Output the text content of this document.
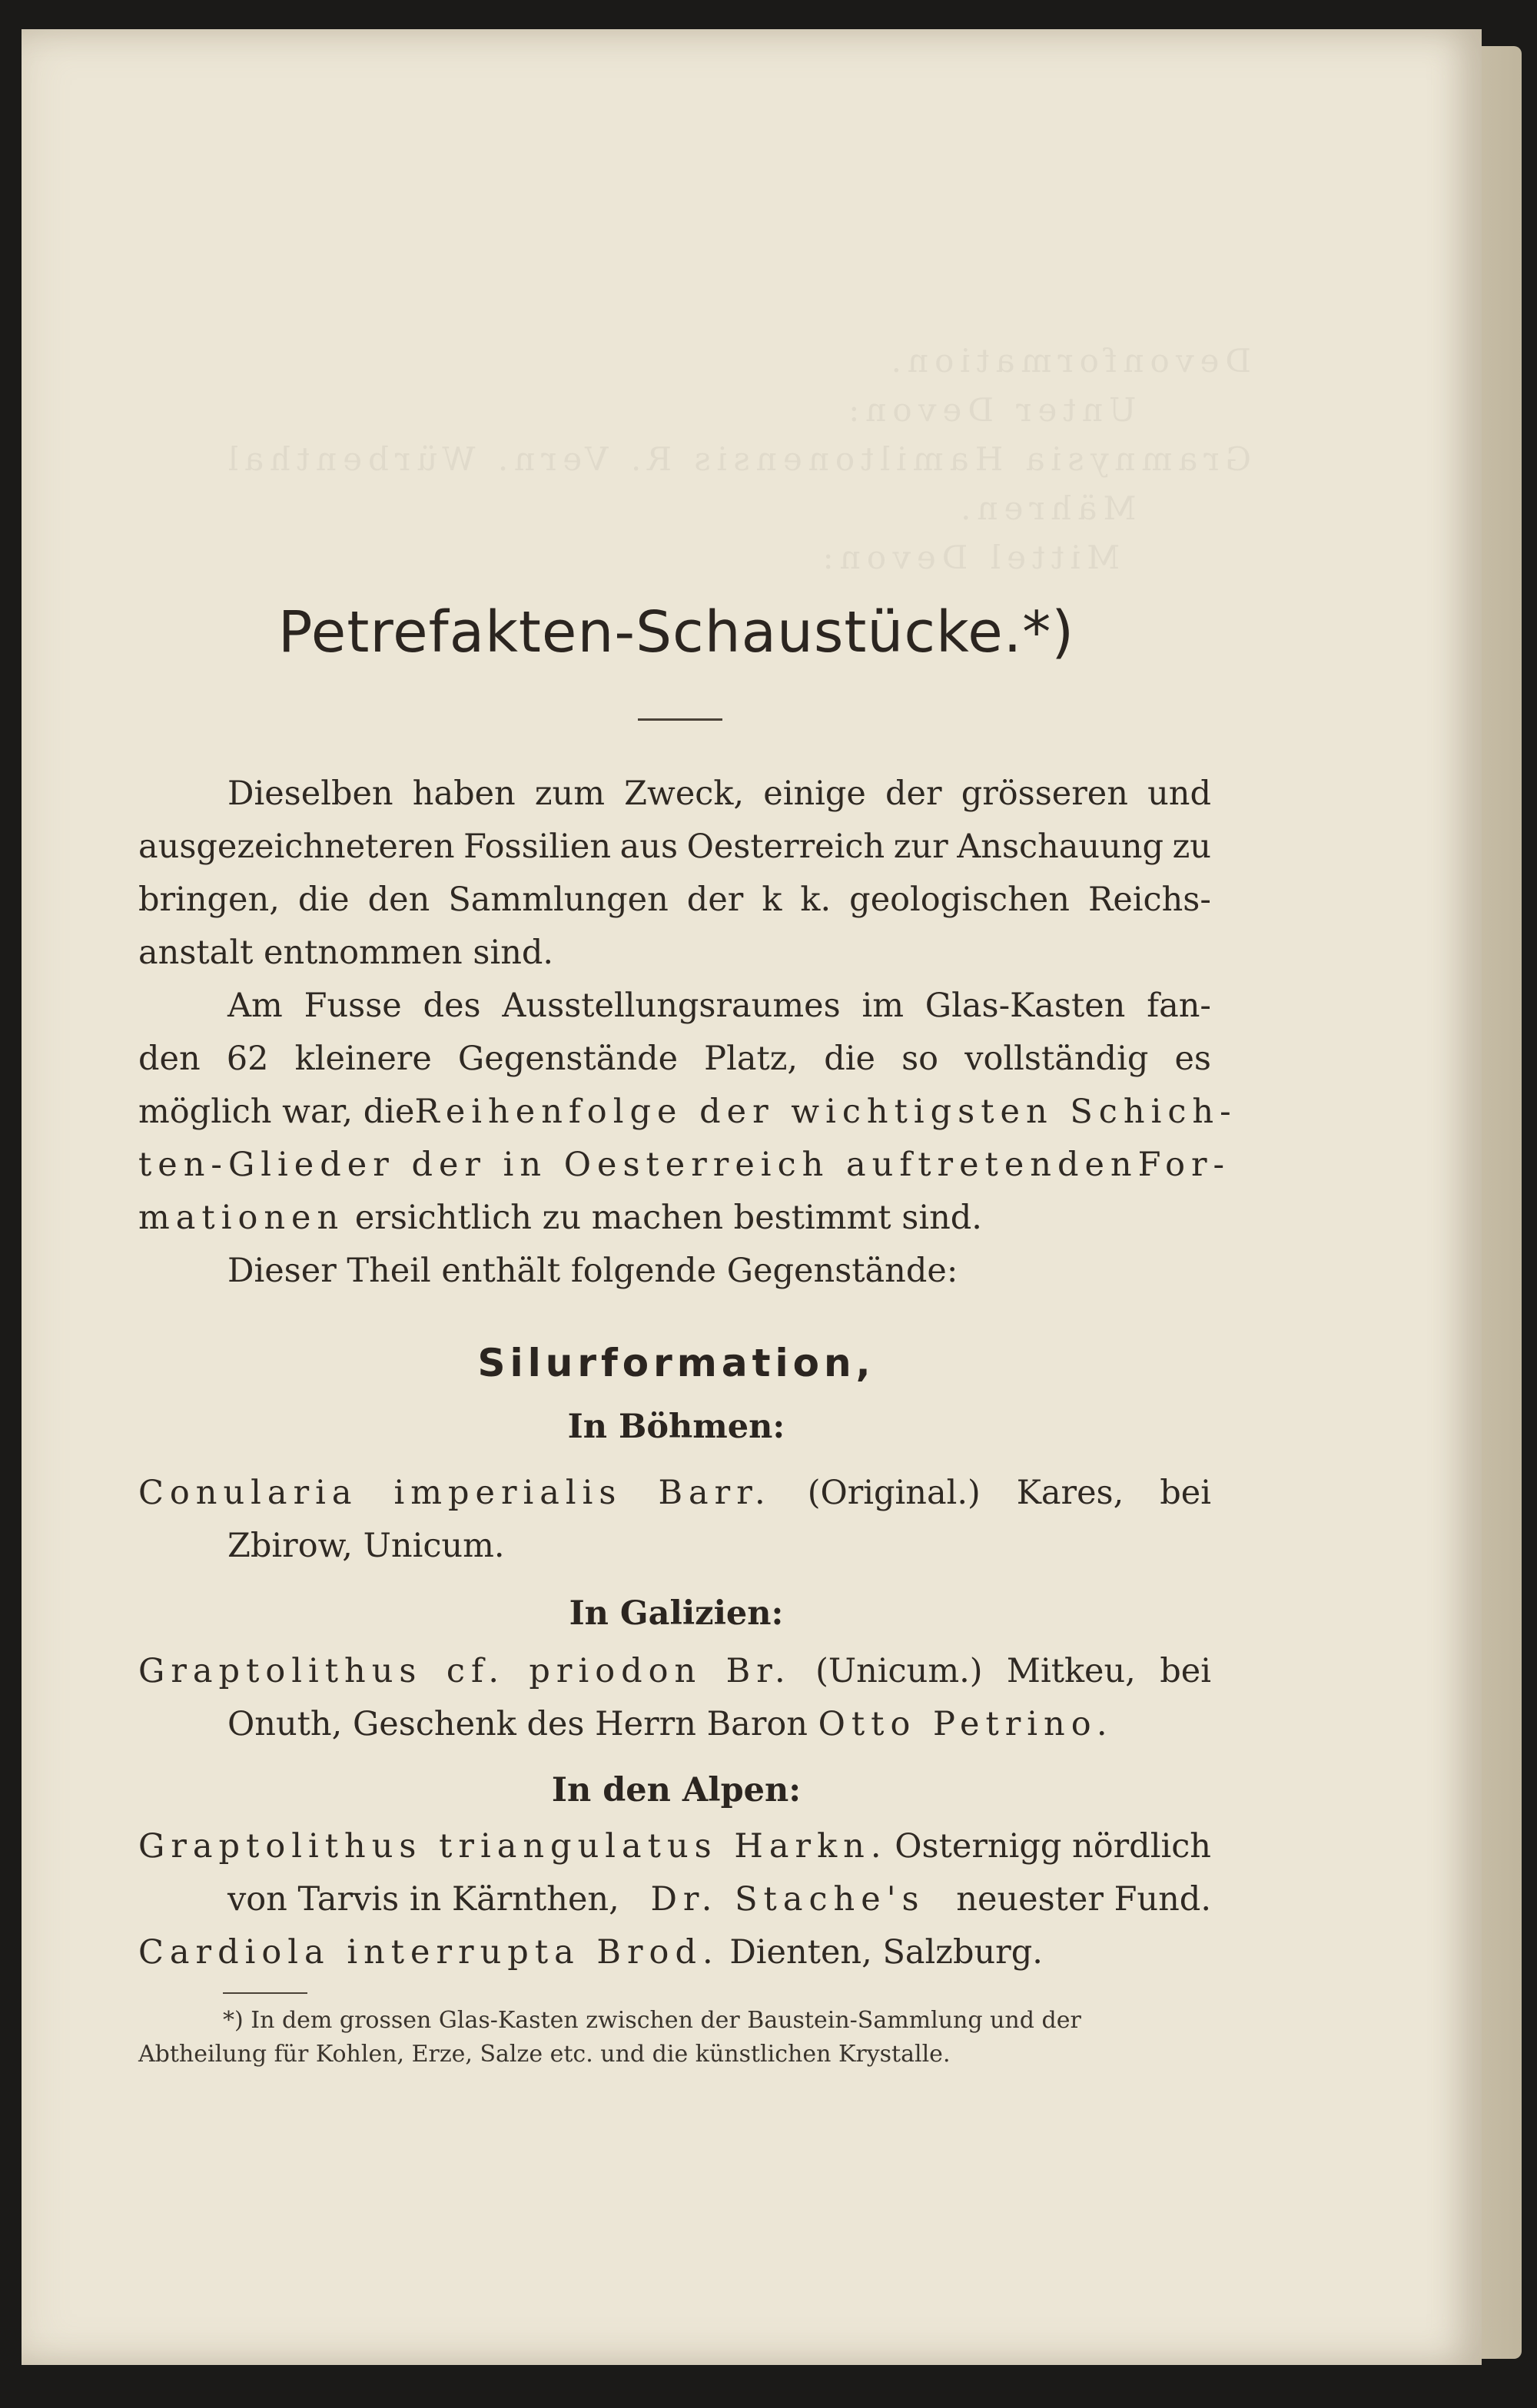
Devonformation.
Unter Devon:
Gramnysia Hamiltonensis R. Vern. Würbenthal
Mähren.
Mittel Devon:
Petrefakten-Schaustücke.*)
Dieselben haben zum Zweck, einige der grösseren und
ausgezeichneteren Fossilien aus Oesterreich zur Anschauung zu
bringen, die den Sammlungen der k k. geologischen Reichs-
anstalt entnommen sind.
Am Fusse des Ausstellungsraumes im Glas-Kasten fan-
den 62 kleinere Gegenstände Platz, die so vollständig es
möglich war, die Reihenfolge der wichtigsten Schich-
ten-Glieder der in Oesterreich auftretenden For-
mationen ersichtlich zu machen bestimmt sind.
Dieser Theil enthält folgende Gegenstände:
Silurformation,
In Böhmen:
Conularia imperialis Barr. (Original.) Kares, bei
Zbirow, Unicum.
In Galizien:
Graptolithus cf. priodon Br. (Unicum.) Mitkeu, bei
Onuth, Geschenk des Herrn Baron Otto Petrino.
In den Alpen:
Graptolithus triangulatus Harkn. Osternigg nördlich
von Tarvis in Kärnthen, Dr. Stache's neuester Fund.
Cardiola interrupta Brod. Dienten, Salzburg.
*) In dem grossen Glas-Kasten zwischen der Baustein-Sammlung und der
Abtheilung für Kohlen, Erze, Salze etc. und die künstlichen Krystalle.
